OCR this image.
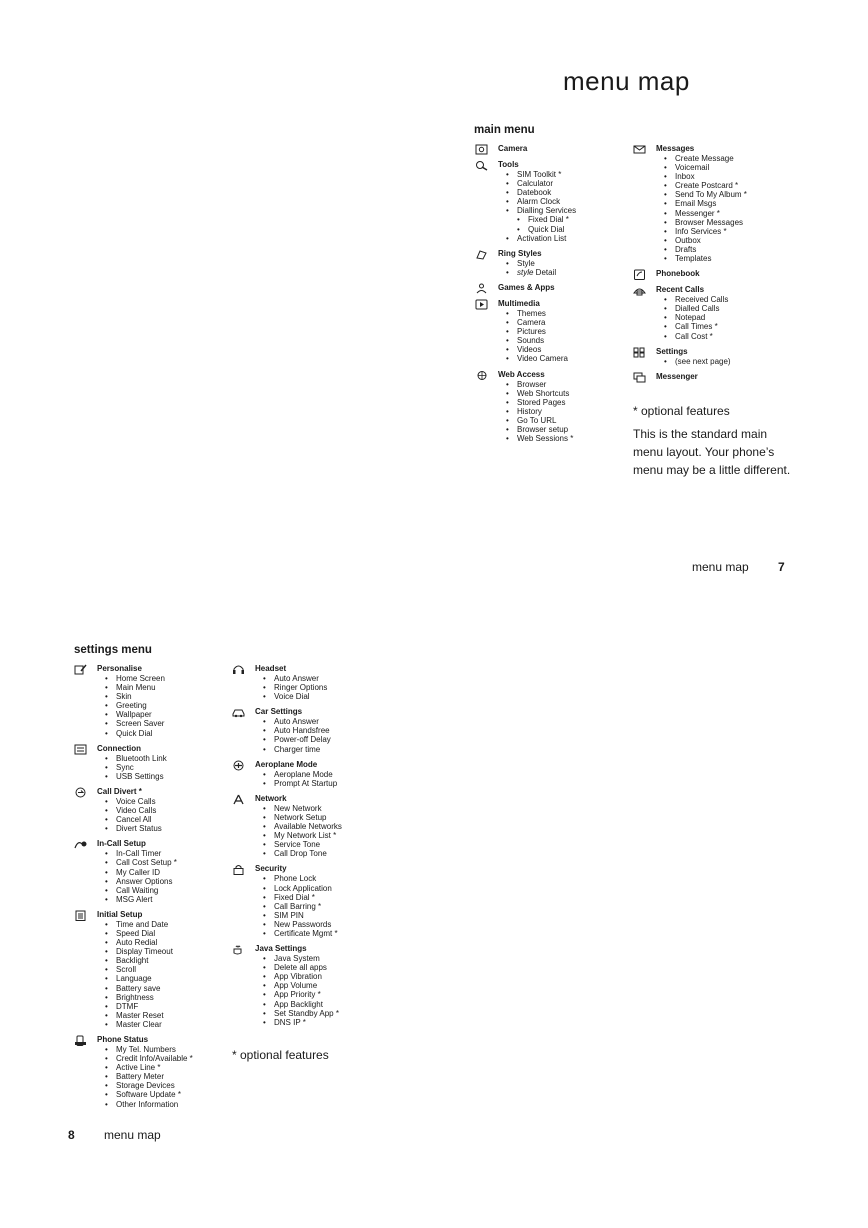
menu map
main menu
Camera
Tools
• SIM Toolkit *
• Calculator
• Datebook
• Alarm Clock
• Dialling Services
• Fixed Dial *
• Quick Dial
• Activation List
Ring Styles
• Style
• style Detail
Games & Apps
Multimedia
• Themes
• Camera
• Pictures
• Sounds
• Videos
• Video Camera
Web Access
• Browser
• Web Shortcuts
• Stored Pages
• History
• Go To URL
• Browser setup
• Web Sessions *
Messages
• Create Message
• Voicemail
• Inbox
• Create Postcard *
• Send To My Album *
• Email Msgs
• Messenger *
• Browser Messages
• Info Services *
• Outbox
• Drafts
• Templates
Phonebook
Recent Calls
• Received Calls
• Dialled Calls
• Notepad
• Call Times *
• Call Cost *
Settings
• (see next page)
Messenger
* optional features
This is the standard main menu layout. Your phone’s menu may be a little different.
menu map 7
settings menu
Personalise
• Home Screen
• Main Menu
• Skin
• Greeting
• Wallpaper
• Screen Saver
• Quick Dial
Connection
• Bluetooth Link
• Sync
• USB Settings
Call Divert *
• Voice Calls
• Video Calls
• Cancel All
• Divert Status
In-Call Setup
• In-Call Timer
• Call Cost Setup *
• My Caller ID
• Answer Options
• Call Waiting
• MSG Alert
Initial Setup
• Time and Date
• Speed Dial
• Auto Redial
• Display Timeout
• Backlight
• Scroll
• Language
• Battery save
• Brightness
• DTMF
• Master Reset
• Master Clear
Phone Status
• My Tel. Numbers
• Credit Info/Available *
• Active Line *
• Battery Meter
• Storage Devices
• Software Update *
• Other Information
Headset
• Auto Answer
• Ringer Options
• Voice Dial
Car Settings
• Auto Answer
• Auto Handsfree
• Power-off Delay
• Charger time
Aeroplane Mode
• Aeroplane Mode
• Prompt At Startup
Network
• New Network
• Network Setup
• Available Networks
• My Network List *
• Service Tone
• Call Drop Tone
Security
• Phone Lock
• Lock Application
• Fixed Dial *
• Call Barring *
• SIM PIN
• New Passwords
• Certificate Mgmt *
Java Settings
• Java System
• Delete all apps
• App Vibration
• App Volume
• App Priority *
• App Backlight
• Set Standby App *
• DNS IP *
* optional features
8 menu map
